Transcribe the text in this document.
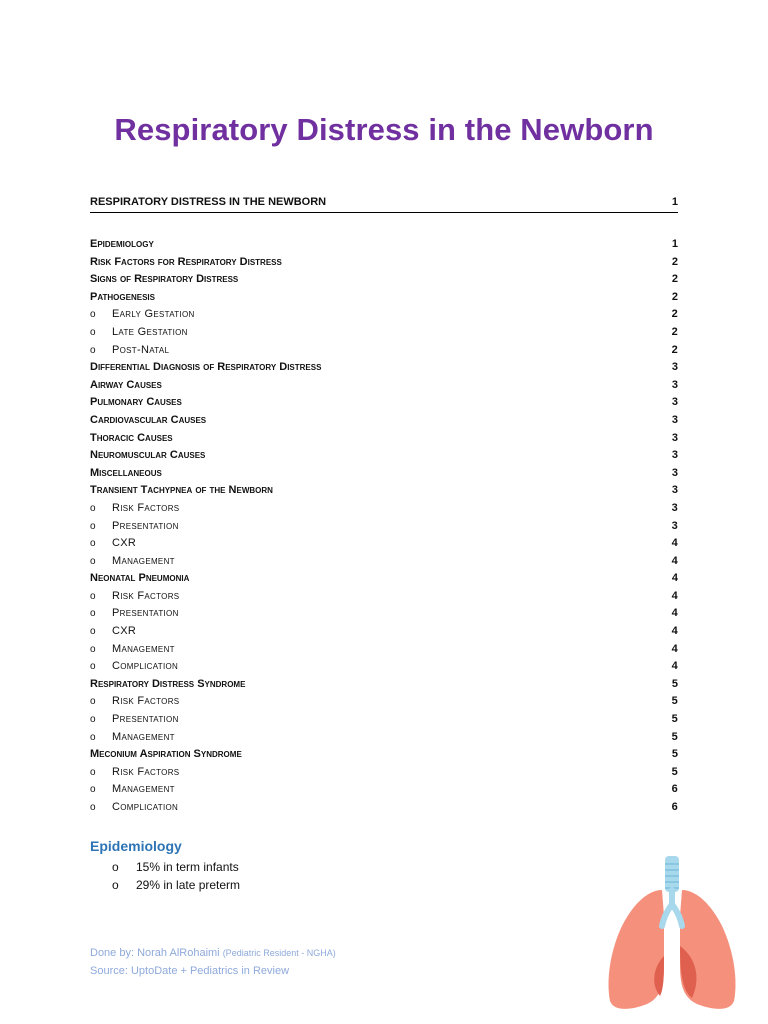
Respiratory Distress in the Newborn
RESPIRATORY DISTRESS IN THE NEWBORN	1
Epidemiology	1
Risk Factors for Respiratory Distress	2
Signs of Respiratory Distress	2
Pathogenesis	2
o Early Gestation	2
o Late Gestation	2
o Post-Natal	2
Differential Diagnosis of Respiratory Distress	3
Airway Causes	3
Pulmonary Causes	3
Cardiovascular Causes	3
Thoracic Causes	3
Neuromuscular Causes	3
Miscellaneous	3
Transient Tachypnea of the Newborn	3
o Risk Factors	3
o Presentation	3
o CXR	4
o Management	4
Neonatal Pneumonia	4
o Risk Factors	4
o Presentation	4
o CXR	4
o Management	4
o Complication	4
Respiratory Distress Syndrome	5
o Risk Factors	5
o Presentation	5
o Management	5
Meconium Aspiration Syndrome	5
o Risk Factors	5
o Management	6
o Complication	6
Epidemiology
o 15% in term infants
o 29% in late preterm
Done by: Norah AlRohaimi (Pediatric Resident - NGHA)
Source: UptoDate + Pediatrics in Review
